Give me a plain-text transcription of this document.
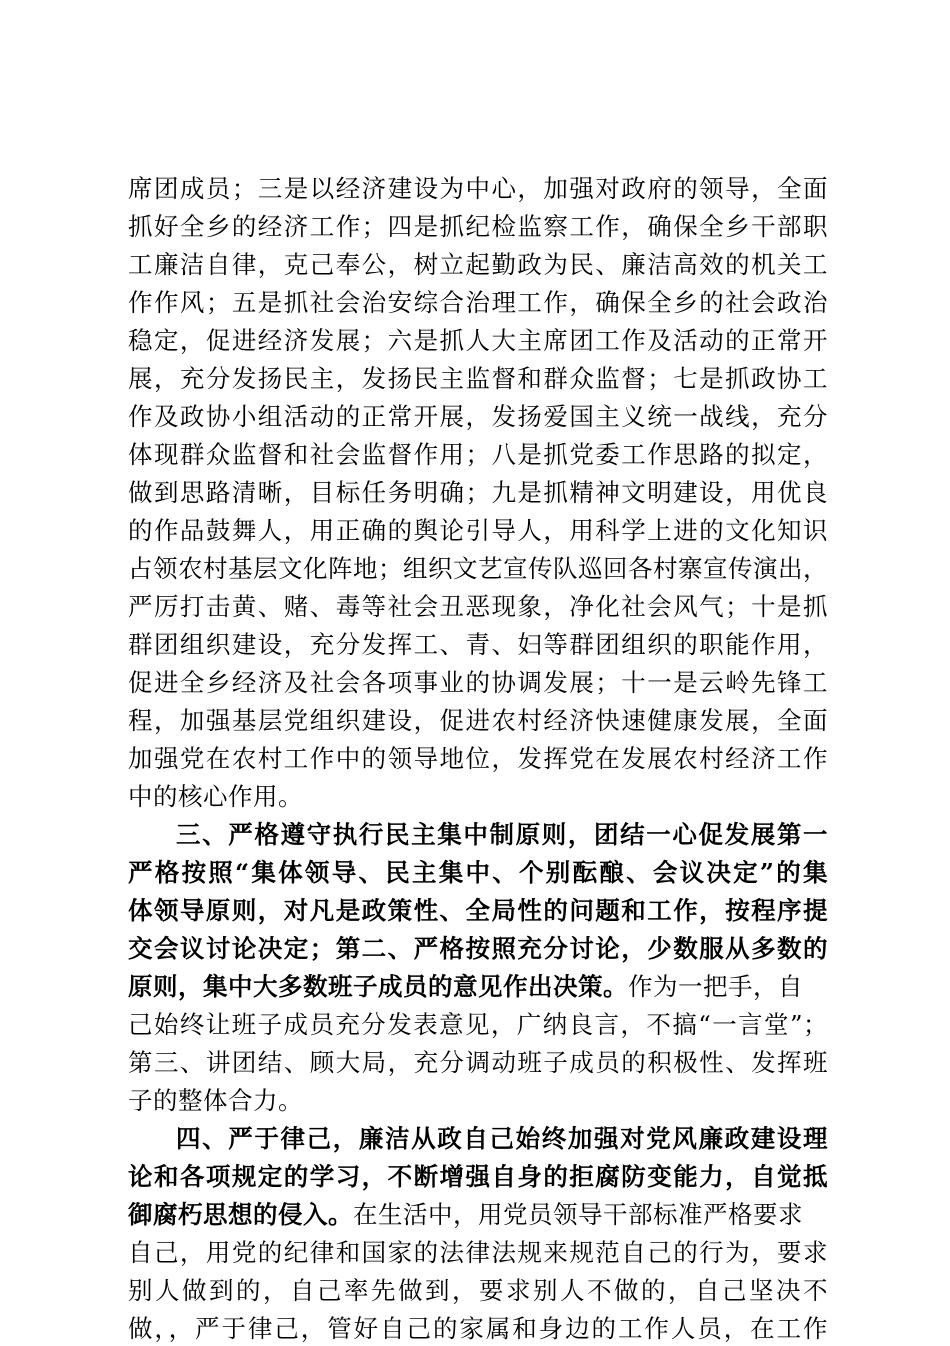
席团成员；三是以经济建设为中心，加强对政府的领导，全面
抓好全乡的经济工作；四是抓纪检监察工作，确保全乡干部职
工廉洁自律，克己奉公，树立起勤政为民、廉洁高效的机关工
作作风；五是抓社会治安综合治理工作，确保全乡的社会政治
稳定，促进经济发展；六是抓人大主席团工作及活动的正常开
展，充分发扬民主，发扬民主监督和群众监督；七是抓政协工
作及政协小组活动的正常开展，发扬爱国主义统一战线，充分
体现群众监督和社会监督作用；八是抓党委工作思路的拟定，
做到思路清晰，目标任务明确；九是抓精神文明建设，用优良
的作品鼓舞人，用正确的舆论引导人，用科学上进的文化知识
占领农村基层文化阵地；组织文艺宣传队巡回各村寨宣传演出，
严厉打击黄、赌、毒等社会丑恶现象，净化社会风气；十是抓
群团组织建设，充分发挥工、青、妇等群团组织的职能作用，
促进全乡经济及社会各项事业的协调发展；十一是云岭先锋工
程，加强基层党组织建设，促进农村经济快速健康发展，全面
加强党在农村工作中的领导地位，发挥党在发展农村经济工作
中的核心作用。
三、严格遵守执行民主集中制原则，团结一心促发展第一
严格按照“集体领导、民主集中、个别酝酿、会议决定”的集
体领导原则，对凡是政策性、全局性的问题和工作，按程序提
交会议讨论决定；第二、严格按照充分讨论，少数服从多数的
原则，集中大多数班子成员的意见作出决策。作为一把手，自
己始终让班子成员充分发表意见，广纳良言，不搞“一言堂”；
第三、讲团结、顾大局，充分调动班子成员的积极性、发挥班
子的整体合力。
四、严于律己，廉洁从政自己始终加强对党风廉政建设理
论和各项规定的学习，不断增强自身的拒腐防变能力，自觉抵
御腐朽思想的侵入。在生活中，用党员领导干部标准严格要求
自己，用党的纪律和国家的法律法规来规范自己的行为，要求
别人做到的，自己率先做到，要求别人不做的，自己坚决不
做，，严于律己，管好自己的家属和身边的工作人员，在工作
